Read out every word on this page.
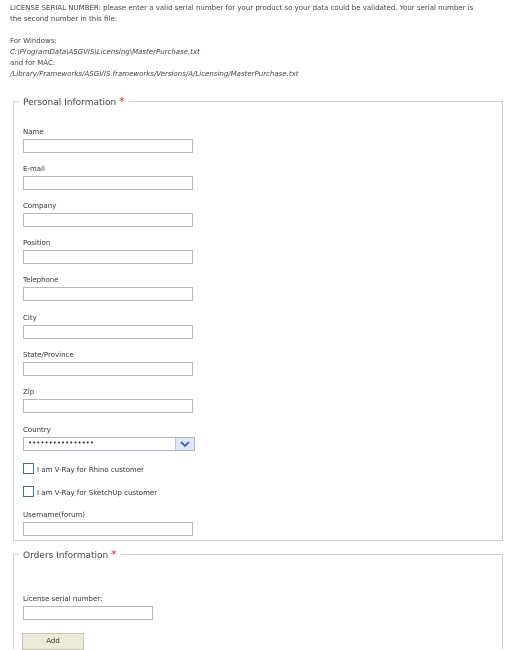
LICENSE SERIAL NUMBER: please enter a valid serial number for your product so your data could be validated. Your serial number is

the second number in this file:

For Windows:

C:\ProgramData\ASGVIS\Licensing\MasterPurchase.txt

and for MAC:

/Library/Frameworks/ASGVIS.frameworks/Versions/A/Licensing/MasterPurchase.txt

Personal Information *
Name
E-mail
Company
Position
Telephone
City
State/Province
Zip
Country
••••••••••••••••
I am V-Ray for Rhino customer
I am V-Ray for SketchUp customer
Username(forum)
Orders Information *
License serial number:
Add
